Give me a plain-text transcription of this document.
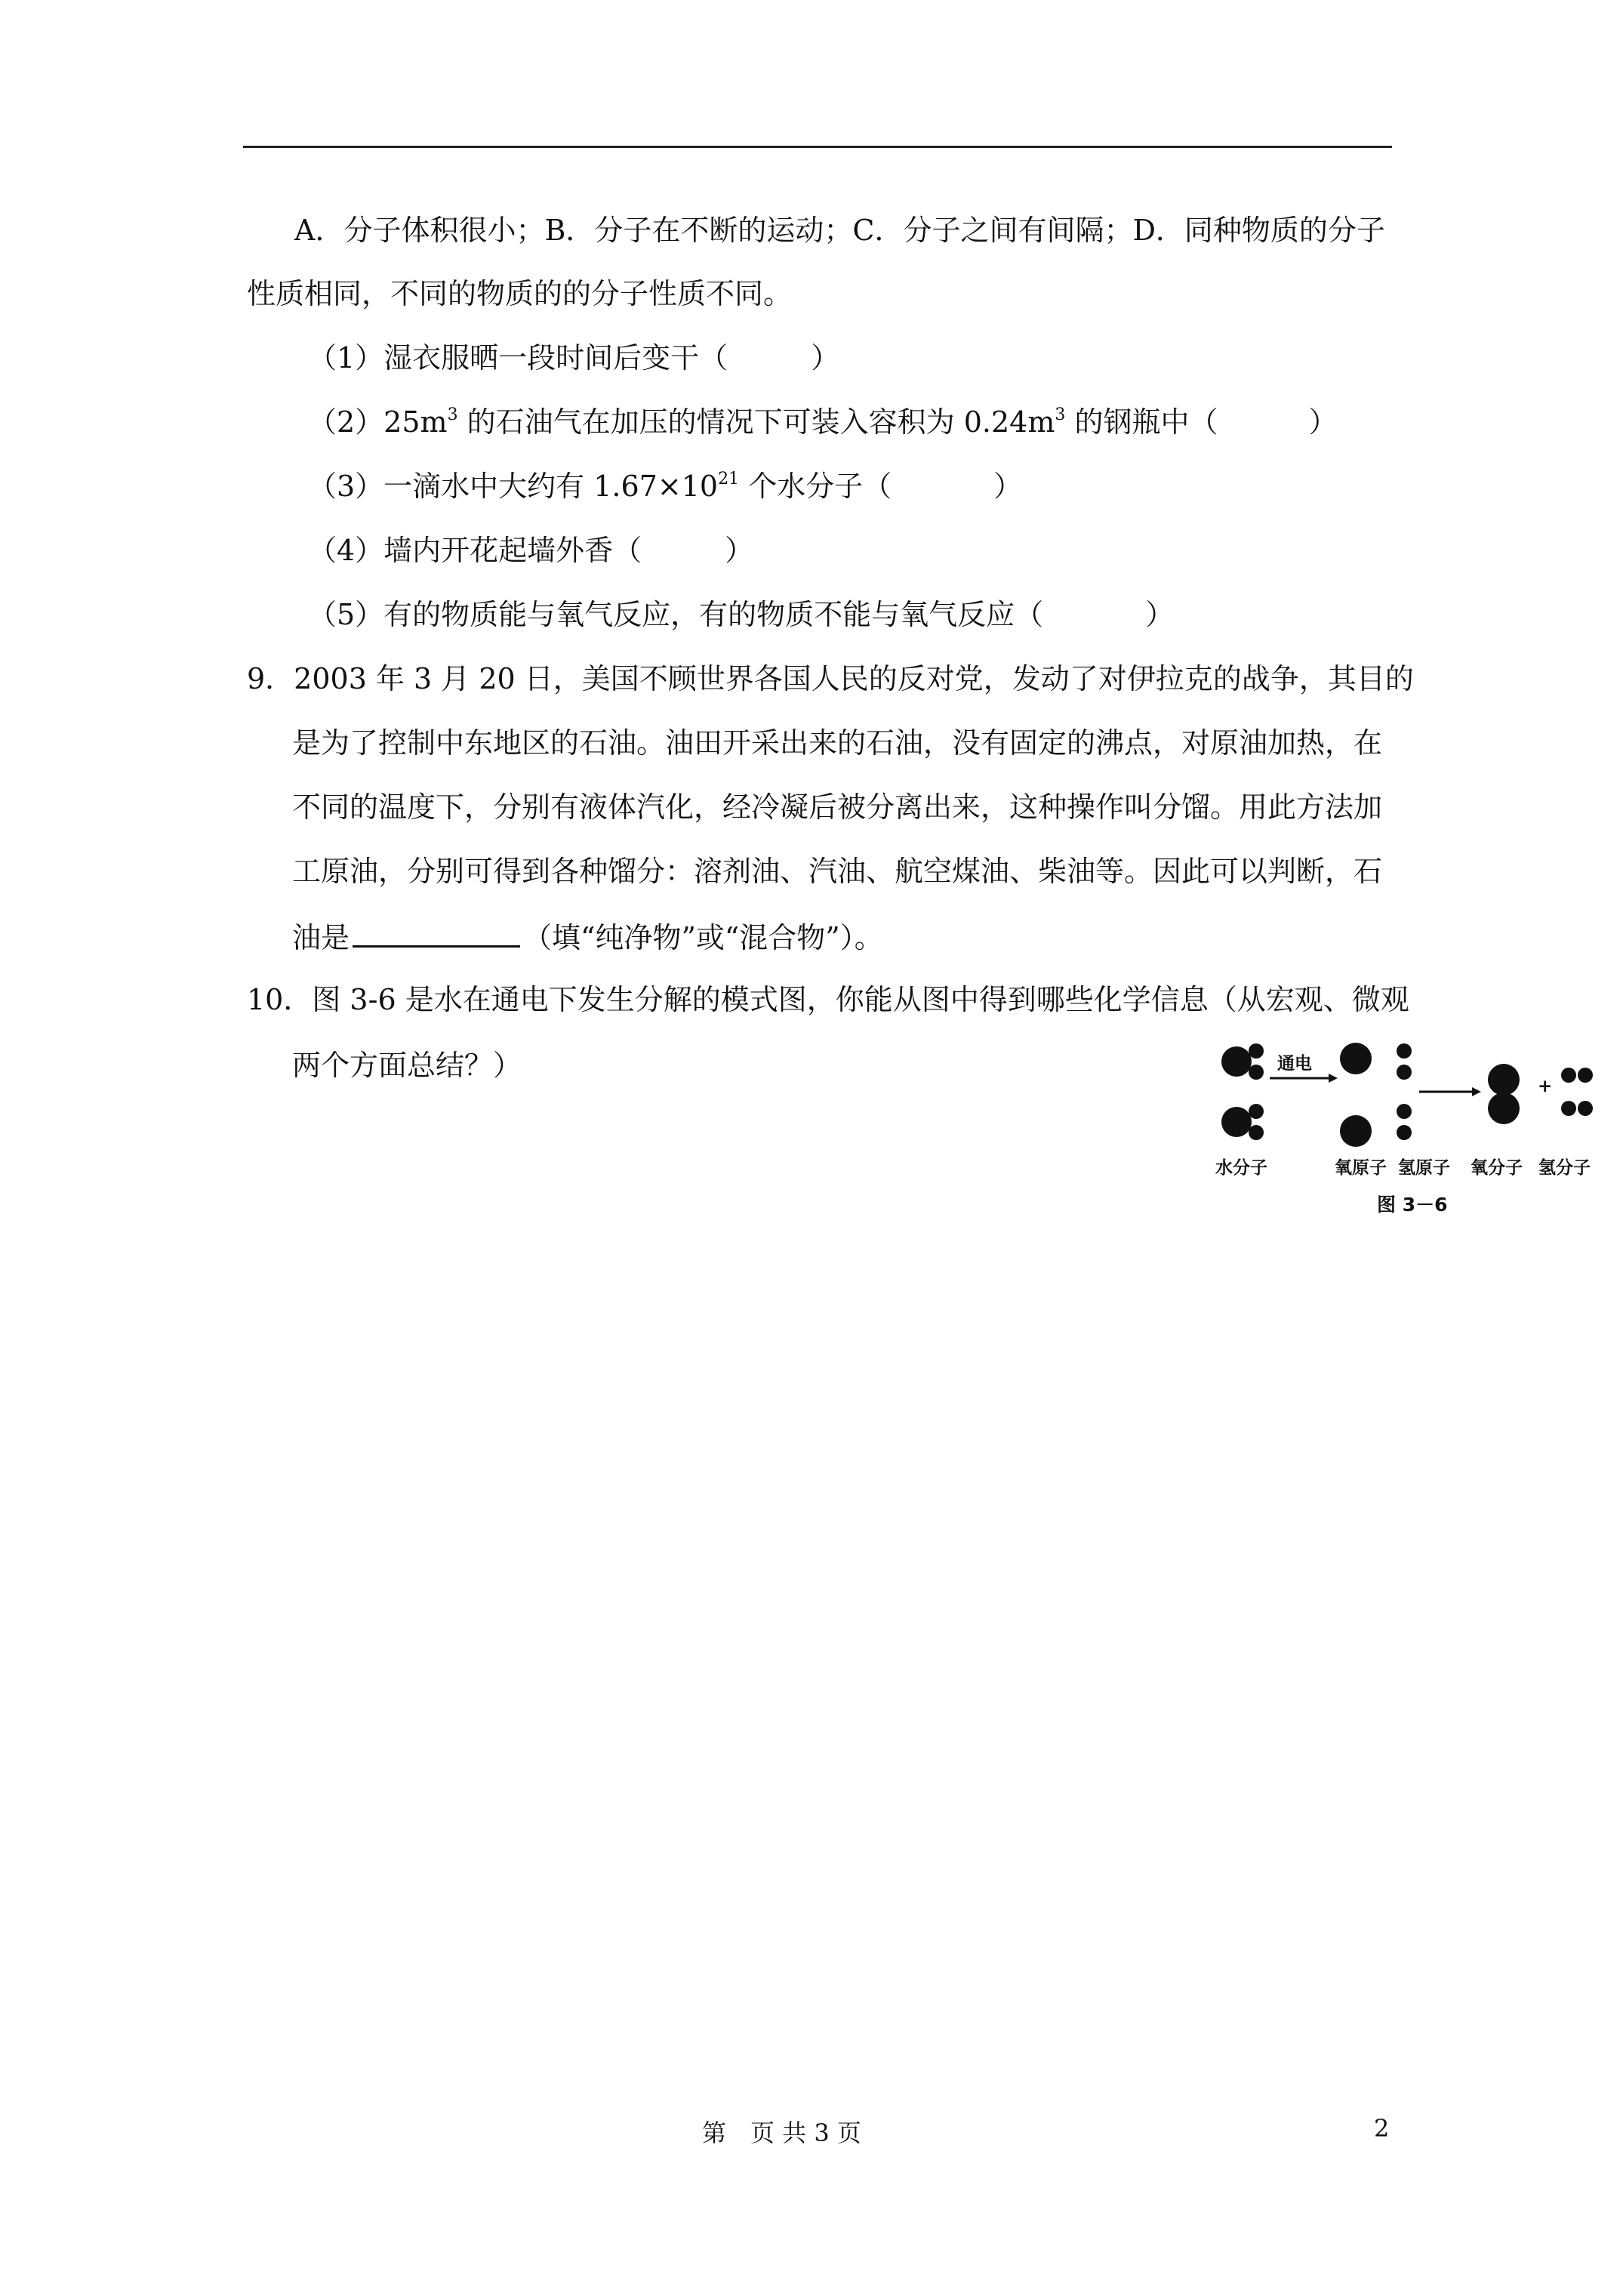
A．分子体积很小；B．分子在不断的运动；C．分子之间有间隔；D．同种物质的分子
性质相同，不同的物质的的分子性质不同。
（1）湿衣服晒一段时间后变干（	）
$(2)25m^3$ 的石油气在加压的情况下可装入容积为 $0.24m^3$ 的钢瓶中（	）
（3）一滴水中大约有 $1.67\times 10^{21}$ 个水分子（	）
（4）墙内开花起墙外香（	）
（5）有的物质能与氧气反应，有的物质不能与氧气反应（	）
9．2003 年 3 月 20 日，美国不顾世界各国人民的反对党，发动了对伊拉克的战争，其目的
是为了控制中东地区的石油。油田开采出来的石油，没有固定的沸点，对原油加热，在
不同的温度下，分别有液体汽化，经冷凝后被分离出来，这种操作叫分馏。用此方法加
工原油，分别可得到各种馏分：溶剂油、汽油、航空煤油、柴油等。因此可以判断，石
油是	（填“纯净物”或“混合物”）。
10．图 3-6 是水在通电下发生分解的模式图，你能从图中得到哪些化学信息（从宏观、微观
两个方面总结？）	通电
+
水分子	氧原子 氢原子 氧分子 氢分子
图 3－6
第　页 共 3 页	2
